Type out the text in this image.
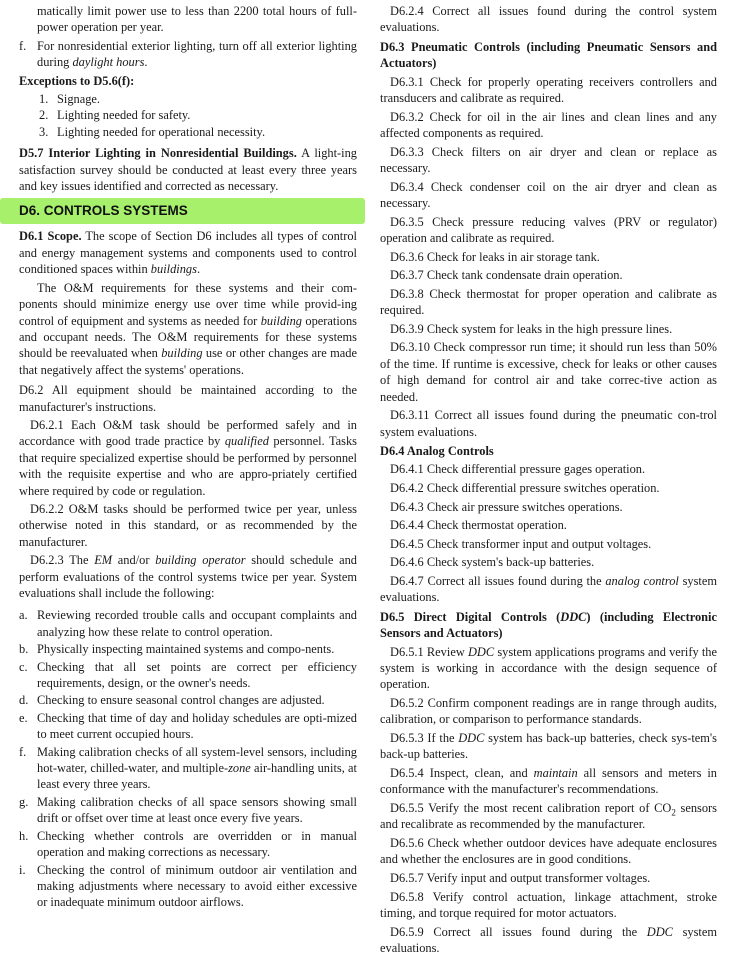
matically limit power use to less than 2200 total hours of full-power operation per year.

f. For nonresidential exterior lighting, turn off all exterior lighting during daylight hours.

Exceptions to D5.6(f):

1. Signage.

2. Lighting needed for safety.

3. Lighting needed for operational necessity.

D5.7 Interior Lighting in Nonresidential Buildings. A light-ing satisfaction survey should be conducted at least every three years and key issues identified and corrected as necessary.

D6. CONTROLS SYSTEMS

D6.1 Scope. The scope of Section D6 includes all types of control and energy management systems and components used to control conditioned spaces within buildings.

The O&M requirements for these systems and their com-ponents should minimize energy use over time while provid-ing control of equipment and systems as needed for building operations and occupant needs. The O&M requirements for these systems should be reevaluated when building use or other changes are made that negatively affect the systems' operations.

D6.2 All equipment should be maintained according to the manufacturer's instructions.

D6.2.1 Each O&M task should be performed safely and in accordance with good trade practice by qualified personnel. Tasks that require specialized expertise should be performed by personnel with the requisite expertise and who are appro-priately certified where required by code or regulation.

D6.2.2 O&M tasks should be performed twice per year, unless otherwise noted in this standard, or as recommended by the manufacturer.

D6.2.3 The EM and/or building operator should schedule and perform evaluations of the control systems twice per year. System evaluations shall include the following:

a. Reviewing recorded trouble calls and occupant complaints and analyzing how these relate to control operation.

b. Physically inspecting maintained systems and compo-nents.

c. Checking that all set points are correct per efficiency requirements, design, or the owner's needs.

d. Checking to ensure seasonal control changes are adjusted.

e. Checking that time of day and holiday schedules are opti-mized to meet current occupied hours.

f. Making calibration checks of all system-level sensors, including hot-water, chilled-water, and multiple-zone air-handling units, at least every three years.

g. Making calibration checks of all space sensors showing small drift or offset over time at least once every five years.

h. Checking whether controls are overridden or in manual operation and making corrections as necessary.

i. Checking the control of minimum outdoor air ventilation and making adjustments where necessary to avoid either excessive or inadequate minimum outdoor airflows.

D6.2.4 Correct all issues found during the control system evaluations.

D6.3 Pneumatic Controls (including Pneumatic Sensors and Actuators)

D6.3.1 Check for properly operating receivers controllers and transducers and calibrate as required.

D6.3.2 Check for oil in the air lines and clean lines and any affected components as required.

D6.3.3 Check filters on air dryer and clean or replace as necessary.

D6.3.4 Check condenser coil on the air dryer and clean as necessary.

D6.3.5 Check pressure reducing valves (PRV or regulator) operation and calibrate as required.

D6.3.6 Check for leaks in air storage tank.

D6.3.7 Check tank condensate drain operation.

D6.3.8 Check thermostat for proper operation and calibrate as required.

D6.3.9 Check system for leaks in the high pressure lines.

D6.3.10 Check compressor run time; it should run less than 50% of the time. If runtime is excessive, check for leaks or other causes of high demand for control air and take correc-tive action as needed.

D6.3.11 Correct all issues found during the pneumatic con-trol system evaluations.

D6.4 Analog Controls

D6.4.1 Check differential pressure gages operation.

D6.4.2 Check differential pressure switches operation.

D6.4.3 Check air pressure switches operations.

D6.4.4 Check thermostat operation.

D6.4.5 Check transformer input and output voltages.

D6.4.6 Check system's back-up batteries.

D6.4.7 Correct all issues found during the analog control system evaluations.

D6.5 Direct Digital Controls (DDC) (including Electronic Sensors and Actuators)

D6.5.1 Review DDC system applications programs and verify the system is working in accordance with the design sequence of operation.

D6.5.2 Confirm component readings are in range through audits, calibration, or comparison to performance standards.

D6.5.3 If the DDC system has back-up batteries, check sys-tem's back-up batteries.

D6.5.4 Inspect, clean, and maintain all sensors and meters in conformance with the manufacturer's recommendations.

D6.5.5 Verify the most recent calibration report of $CO_2$ sensors and recalibrate as recommended by the manufacturer.

D6.5.6 Check whether outdoor devices have adequate enclosures and whether the enclosures are in good conditions.

D6.5.7 Verify input and output transformer voltages.

D6.5.8 Verify control actuation, linkage attachment, stroke timing, and torque required for motor actuators.

D6.5.9 Correct all issues found during the DDC system evaluations.
